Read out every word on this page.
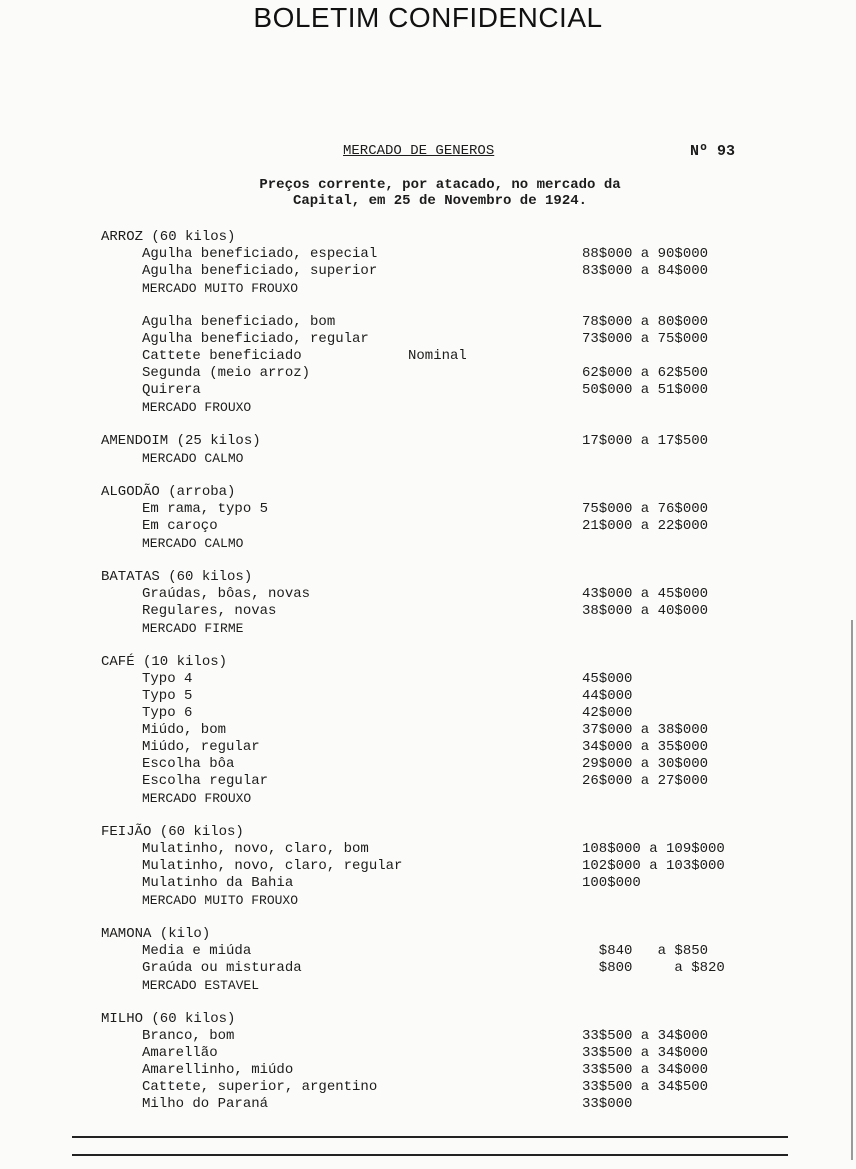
BOLETIM CONFIDENCIAL
MERCADO DE GENEROS	Nº 93
Preços corrente, por atacado, no mercado da
Capital, em 25 de Novembro de 1924.
ARROZ (60 kilos)
Agulha beneficiado, especial	88$000 a 90$000
Agulha beneficiado, superior	83$000 a 84$000
MERCADO MUITO FROUXO
Agulha beneficiado, bom	78$000 a 80$000
Agulha beneficiado, regular	73$000 a 75$000
Cattete beneficiado	Nominal
Segunda (meio arroz)	62$000 a 62$500
Quirera	50$000 a 51$000
MERCADO FROUXO
AMENDOIM (25 kilos)	17$000 a 17$500
MERCADO CALMO
ALGODÃO (arroba)
Em rama, typo 5	75$000 a 76$000
Em caroço	21$000 a 22$000
MERCADO CALMO
BATATAS (60 kilos)
Graúdas, bôas, novas	43$000 a 45$000
Regulares, novas	38$000 a 40$000
MERCADO FIRME
CAFÉ (10 kilos)
Typo 4	45$000
Typo 5	44$000
Typo 6	42$000
Miúdo, bom	37$000 a 38$000
Miúdo, regular	34$000 a 35$000
Escolha bôa	29$000 a 30$000
Escolha regular	26$000 a 27$000
MERCADO FROUXO
FEIJÃO (60 kilos)
Mulatinho, novo, claro, bom	108$000 a 109$000
Mulatinho, novo, claro, regular	102$000 a 103$000
Mulatinho da Bahia	100$000
MERCADO MUITO FROUXO
MAMONA (kilo)
Media e miúda	$840   a $850
Graúda ou misturada	$800     a $820
MERCADO ESTAVEL
MILHO (60 kilos)
Branco, bom	33$500 a 34$000
Amarellão	33$500 a 34$000
Amarellinho, miúdo	33$500 a 34$000
Cattete, superior, argentino	33$500 a 34$500
Milho do Paraná	33$000
